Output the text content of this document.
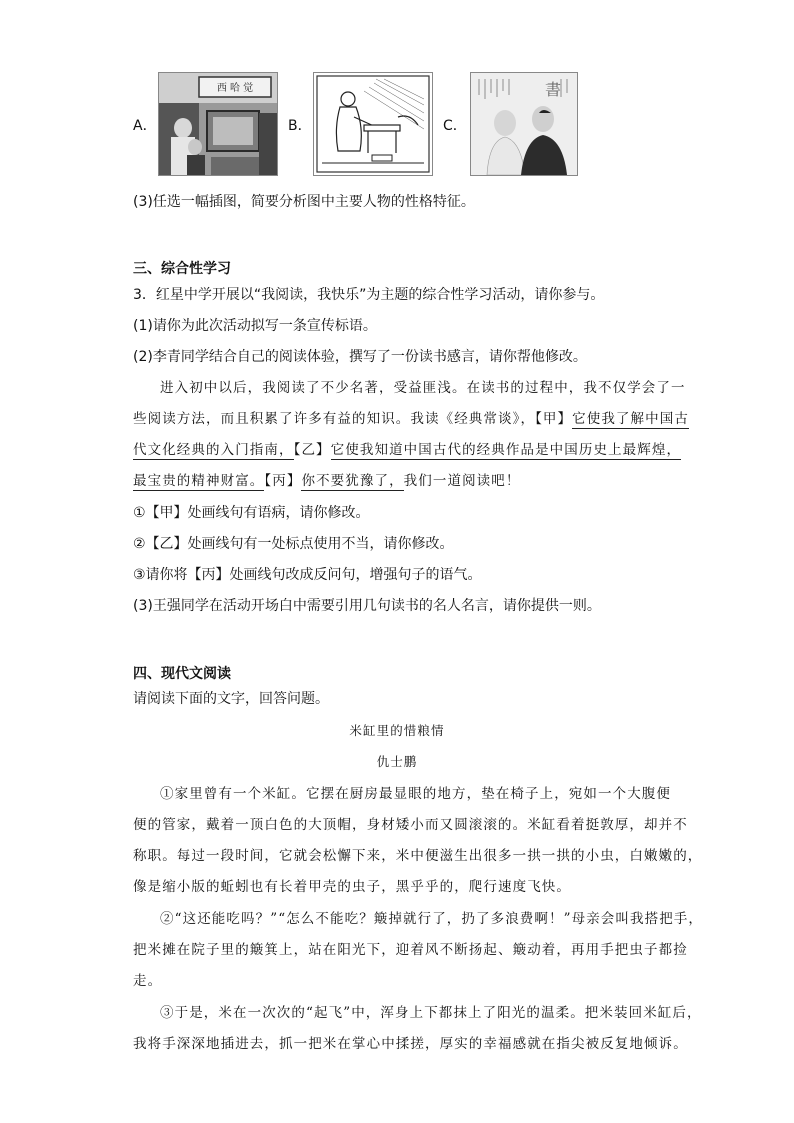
A．
西 哈 觉
B．	C．
書
(3)任选一幅插图，简要分析图中主要人物的性格特征。
三、综合性学习
3．红星中学开展以“我阅读，我快乐”为主题的综合性学习活动，请你参与。
(1)请你为此次活动拟写一条宣传标语。
(2)李青同学结合自己的阅读体验，撰写了一份读书感言，请你帮他修改。
进入初中以后，我阅读了不少名著，受益匪浅。在读书的过程中，我不仅学会了一
些阅读方法，而且积累了许多有益的知识。我读《经典常谈》，【甲】它使我了解中国古
代文化经典的入门指南，【乙】它使我知道中国古代的经典作品是中国历史上最辉煌，
最宝贵的精神财富。【丙】你不要犹豫了，我们一道阅读吧！
①【甲】处画线句有语病，请你修改。
②【乙】处画线句有一处标点使用不当，请你修改。
③请你将【丙】处画线句改成反问句，增强句子的语气。
(3)王强同学在活动开场白中需要引用几句读书的名人名言，请你提供一则。
四、现代文阅读
请阅读下面的文字，回答问题。
米缸里的惜粮情
仇士鹏
①家里曾有一个米缸。它摆在厨房最显眼的地方，垫在椅子上，宛如一个大腹便
便的管家，戴着一顶白色的大顶帽，身材矮小而又圆滚滚的。米缸看着挺敦厚，却并不
称职。每过一段时间，它就会松懈下来，米中便滋生出很多一拱一拱的小虫，白嫩嫩的，
像是缩小版的蚯蚓也有长着甲壳的虫子，黑乎乎的，爬行速度飞快。
②“这还能吃吗？”“怎么不能吃？簸掉就行了，扔了多浪费啊！”母亲会叫我搭把手，
把米摊在院子里的簸箕上，站在阳光下，迎着风不断扬起、簸动着，再用手把虫子都捡
走。
③于是，米在一次次的“起飞”中，浑身上下都抹上了阳光的温柔。把米装回米缸后，
我将手深深地插进去，抓一把米在掌心中揉搓，厚实的幸福感就在指尖被反复地倾诉。
